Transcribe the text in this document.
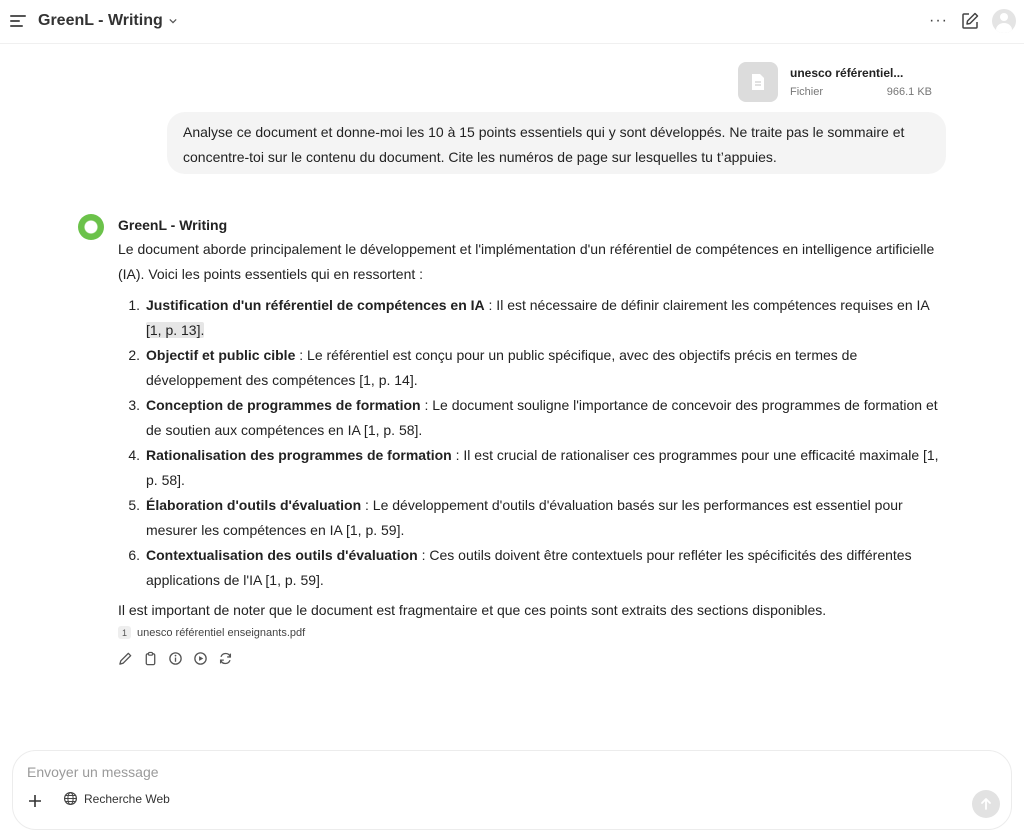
GreenL - Writing	···
unesco référentiel...
Fichier	966.1 KB
Analyse ce document et donne-moi les 10 à 15 points essentiels qui y sont développés. Ne traite pas le sommaire et concentre-toi sur le contenu du document. Cite les numéros de page sur lesquelles tu t’appuies.
GreenL - Writing
Le document aborde principalement le développement et l'implémentation d'un référentiel de compétences en intelligence artificielle (IA). Voici les points essentiels qui en ressortent :
1. Justification d'un référentiel de compétences en IA : Il est nécessaire de définir clairement les compétences requises en IA [1, p. 13].
2. Objectif et public cible : Le référentiel est conçu pour un public spécifique, avec des objectifs précis en termes de développement des compétences [1, p. 14].
3. Conception de programmes de formation : Le document souligne l'importance de concevoir des programmes de formation et de soutien aux compétences en IA [1, p. 58].
4. Rationalisation des programmes de formation : Il est crucial de rationaliser ces programmes pour une efficacité maximale [1, p. 58].
5. Élaboration d'outils d'évaluation : Le développement d'outils d'évaluation basés sur les performances est essentiel pour mesurer les compétences en IA [1, p. 59].
6. Contextualisation des outils d'évaluation : Ces outils doivent être contextuels pour refléter les spécificités des différentes applications de l'IA [1, p. 59].
Il est important de noter que le document est fragmentaire et que ces points sont extraits des sections disponibles.
1 unesco référentiel enseignants.pdf
Envoyer un message
Recherche Web
